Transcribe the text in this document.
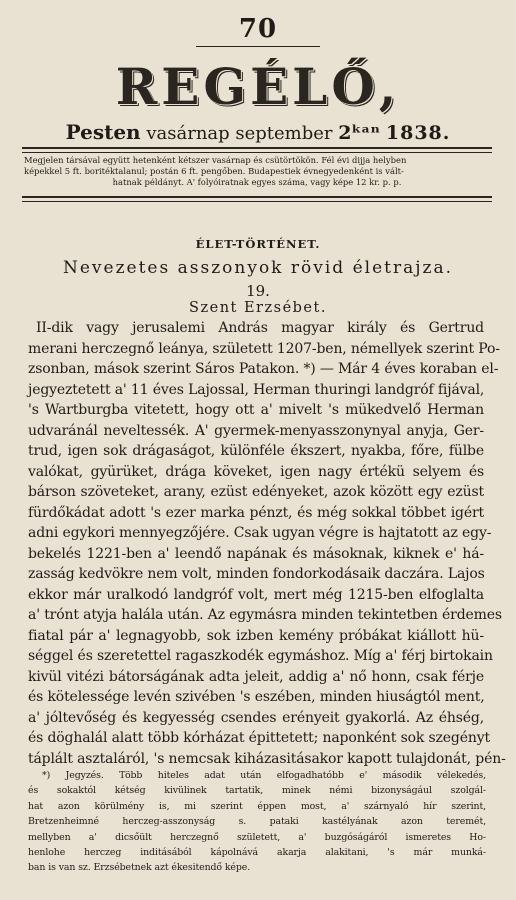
70
REGÉLŐ,
Pesten vasárnap september 2ᵏᵃⁿ 1838.
Megjelen társával együtt hetenként kétszer vasárnap és csütörtökön. Fél évi dijja helyben
képekkel 5 ft. boritéktalanul; postán 6 ft. pengőben. Budapestiek évnegyedenként is vált-
hatnak példányt. A' folyóiratnak egyes száma, vagy képe 12 kr. p. p.
ÉLET-TÖRTÉNET.
Nevezetes asszonyok rövid életrajza.
19.
Szent Erzsébet.
II-dik vagy jerusalemi András magyar király és Gertrud
merani herczegnő leánya, született 1207-ben, némellyek szerint Po-
zsonban, mások szerint Sáros Patakon. *) — Már 4 éves koraban el-
jegyeztetett a' 11 éves Lajossal, Herman thuringi landgróf fijával,
's Wartburgba vitetett, hogy ott a' mivelt 's mükedvelő Herman
udvaránál neveltessék. A' gyermek-menyasszonynyal anyja, Ger-
trud, igen sok drágaságot, különféle ékszert, nyakba, főre, fülbe
valókat, gyürüket, drága köveket, igen nagy értékü selyem és
bárson szöveteket, arany, ezüst edényeket, azok között egy ezüst
fürdőkádat adott 's ezer marka pénzt, és még sokkal többet igért
adni egykori mennyegzőjére. Csak ugyan végre is hajtatott az egy-
bekelés 1221-ben a' leendő napának és másoknak, kiknek e' há-
zasság kedvökre nem volt, minden fondorkodásaik daczára. Lajos
ekkor már uralkodó landgróf volt, mert még 1215-ben elfoglalta
a' trónt atyja halála után. Az egymásra minden tekintetben érdemes
fiatal pár a' legnagyobb, sok izben kemény próbákat kiállott hü-
séggel és szeretettel ragaszkodék egymáshoz. Míg a' férj birtokain
kivül vitézi bátorságának adta jeleit, addig a' nő honn, csak férje
és kötelessége levén szivében 's eszében, minden hiuságtól ment,
a' jóltevőség és kegyesség csendes erényeit gyakorlá. Az éhség,
és döghalál alatt több kórházat épittetett; naponként sok szegényt
táplált asztaláról, 's nemcsak kiházasitásakor kapott tulajdonát, pén-
*) Jegyzés. Több hiteles adat után elfogadhatóbb e' második vélekedés,
és sokaktól kétség kivülinek tartatik, minek némi bizonyságául szolgál-
hat azon körülmény is, mi szerint éppen most, a' szárnyaló hír szerint,
Bretzenheimné herczeg-asszonyság s. pataki kastélyának azon teremét,
mellyben a' dicsőült herczegnő született, a' buzgóságáról ismeretes Ho-
henlohe herczeg inditásából kápolnává akarja alakitani, 's már munká-
ban is van sz. Erzsébetnek azt ékesitendő képe.
